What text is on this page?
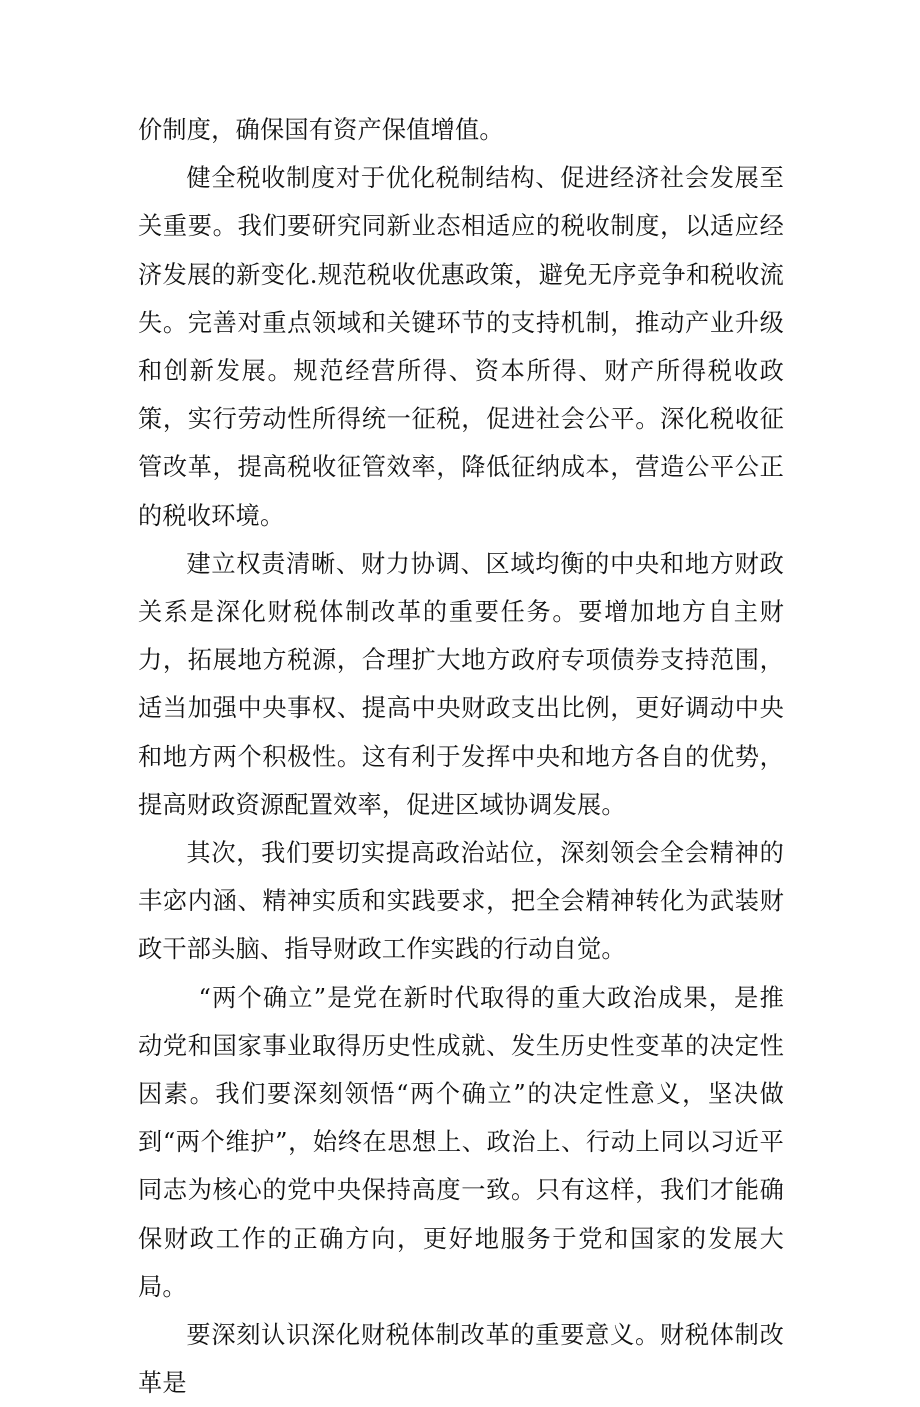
价制度，确保国有资产保值增值。

健全税收制度对于优化税制结构、促进经济社会发展至关重要。我们要研究同新业态相适应的税收制度，以适应经济发展的新变化.规范税收优惠政策，避免无序竞争和税收流失。完善对重点领域和关键环节的支持机制，推动产业升级和创新发展。规范经营所得、资本所得、财产所得税收政策，实行劳动性所得统一征税，促进社会公平。深化税收征管改革，提高税收征管效率，降低征纳成本，营造公平公正的税收环境。

建立权责清晰、财力协调、区域均衡的中央和地方财政关系是深化财税体制改革的重要任务。要增加地方自主财力，拓展地方税源，合理扩大地方政府专项债券支持范围，适当加强中央事权、提高中央财政支出比例，更好调动中央和地方两个积极性。这有利于发挥中央和地方各自的优势，提高财政资源配置效率，促进区域协调发展。

其次，我们要切实提高政治站位，深刻领会全会精神的丰宓内涵、精神实质和实践要求，把全会精神转化为武装财政干部头脑、指导财政工作实践的行动自觉。

“两个确立”是党在新时代取得的重大政治成果，是推动党和国家事业取得历史性成就、发生历史性变革的决定性因素。我们要深刻领悟“两个确立”的决定性意义，坚决做到“两个维护”，始终在思想上、政治上、行动上同以习近平同志为核心的党中央保持高度一致。只有这样，我们才能确保财政工作的正确方向，更好地服务于党和国家的发展大局。

要深刻认识深化财税体制改革的重要意义。财税体制改革是
